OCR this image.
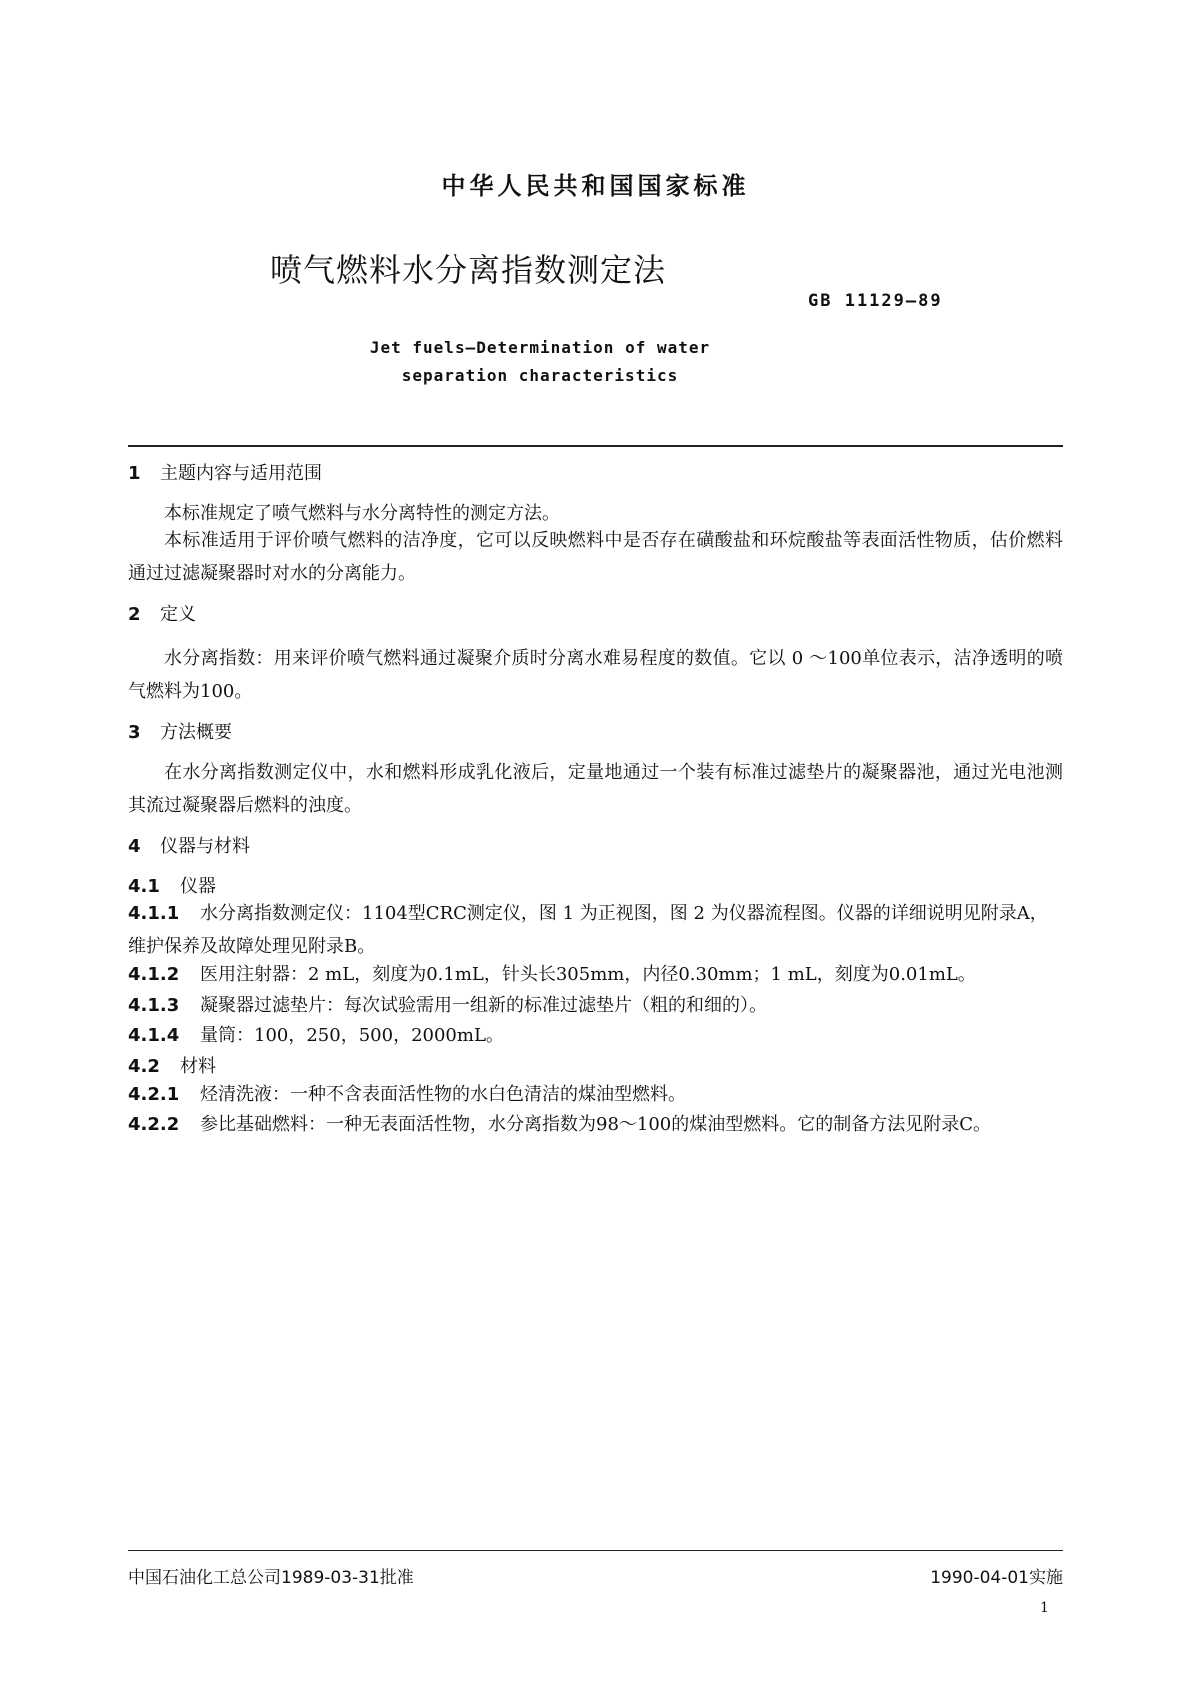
中华人民共和国国家标准
喷气燃料水分离指数测定法
GB 11129—89
Jet fuels—Determination of water
separation characteristics
1 主题内容与适用范围
本标准规定了喷气燃料与水分离特性的测定方法。
本标准适用于评价喷气燃料的洁净度，它可以反映燃料中是否存在磺酸盐和环烷酸盐等表面活性物质，估价燃料通过过滤凝聚器时对水的分离能力。
2 定义
水分离指数：用来评价喷气燃料通过凝聚介质时分离水难易程度的数值。它以 0 ～100单位表示，洁净透明的喷气燃料为100。
3 方法概要
在水分离指数测定仪中，水和燃料形成乳化液后，定量地通过一个装有标准过滤垫片的凝聚器池，通过光电池测其流过凝聚器后燃料的浊度。
4 仪器与材料
4.1 仪器
4.1.1 水分离指数测定仪：1104型CRC测定仪，图 1 为正视图，图 2 为仪器流程图。仪器的详细说明见附录A，维护保养及故障处理见附录B。
4.1.2 医用注射器：2 mL，刻度为0.1mL，针头长305mm，内径0.30mm；1 mL，刻度为0.01mL。
4.1.3 凝聚器过滤垫片：每次试验需用一组新的标准过滤垫片（粗的和细的）。
4.1.4 量筒：100，250，500，2000mL。
4.2 材料
4.2.1 烃清洗液：一种不含表面活性物的水白色清洁的煤油型燃料。
4.2.2 参比基础燃料：一种无表面活性物，水分离指数为98～100的煤油型燃料。它的制备方法见附录C。
中国石油化工总公司1989-03-31批准	1990-04-01实施
1
